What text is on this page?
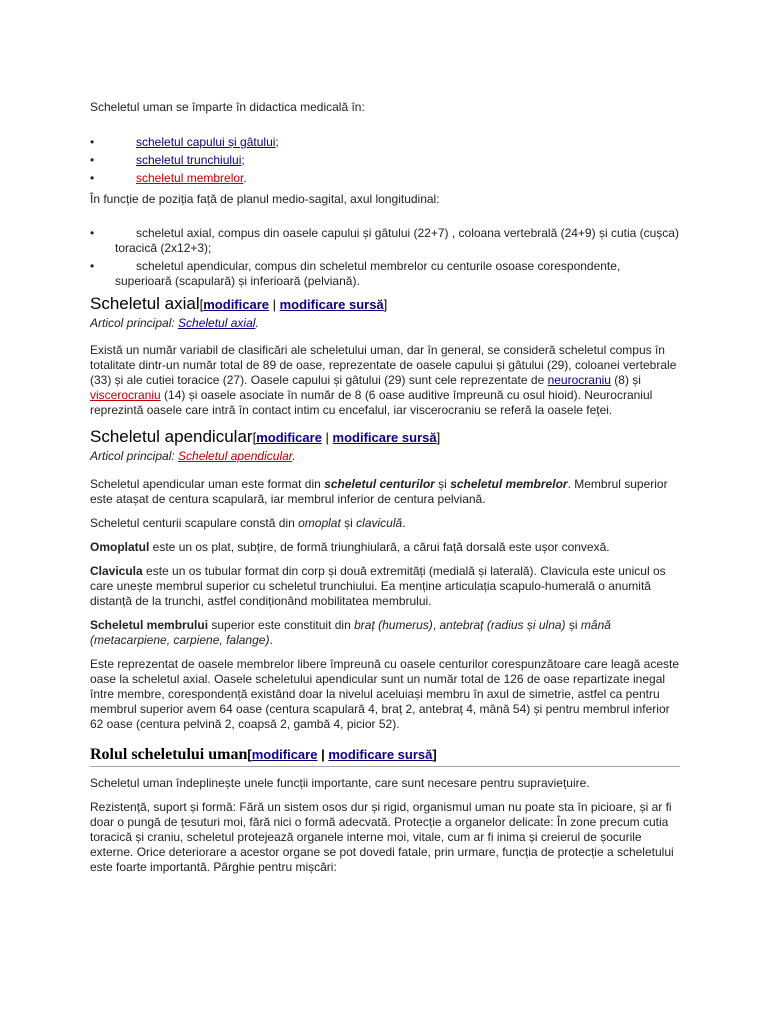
Scheletul uman se împarte în didactica medicală în:

•	scheletul capului și gâtului;
•	scheletul trunchiului;
•	scheletul membrelor.

În funcție de poziția față de planul medio-sagital, axul longitudinal:

•	scheletul axial, compus din oasele capului și gâtului (22+7) , coloana vertebrală (24+9) și cutia (cușca) toracică (2x12+3);
•	scheletul apendicular, compus din scheletul membrelor cu centurile osoase corespondente, superioară (scapulară) și inferioară (pelviană).
Scheletul axial[modificare | modificare sursă]

Articol principal: Scheletul axial.

Există un număr variabil de clasificări ale scheletului uman, dar în general, se consideră scheletul compus în totalitate dintr-un număr total de 89 de oase, reprezentate de oasele capului și gâtului (29), coloanei vertebrale (33) și ale cutiei toracice (27). Oasele capului și gâtului (29) sunt cele reprezentate de neurocraniu (8) și viscerocraniu (14) și oasele asociate în număr de 8 (6 oase auditive împreună cu osul hioid). Neurocraniul reprezintă oasele care intră în contact intim cu encefalul, iar viscerocraniu se referă la oasele feței.

Scheletul apendicular[modificare | modificare sursă]

Articol principal: Scheletul apendicular.

Scheletul apendicular uman este format din scheletul centurilor și scheletul membrelor. Membrul superior este atașat de centura scapulară, iar membrul inferior de centura pelviană.

Scheletul centurii scapulare constă din omoplat și claviculă.

Omoplatul este un os plat, subțire, de formă triunghiulară, a cărui față dorsală este ușor convexă.

Clavicula este un os tubular format din corp și două extremități (medială și laterală). Clavicula este unicul os care unește membrul superior cu scheletul trunchiului. Ea menține articulația scapulo-humerală o anumită distanță de la trunchi, astfel condiționând mobilitatea membrului.

Scheletul membrului superior este constituit din braț (humerus), antebraț (radius și ulna) și mână (metacarpiene, carpiene, falange).

Este reprezentat de oasele membrelor libere împreună cu oasele centurilor corespunzătoare care leagă aceste oase la scheletul axial. Oasele scheletului apendicular sunt un număr total de 126 de oase repartizate inegal între membre, corespondență existând doar la nivelul aceluiași membru în axul de simetrie, astfel ca pentru membrul superior avem 64 oase (centura scapulară 4, braț 2, antebraț 4, mână 54) și pentru membrul inferior 62 oase (centura pelvină 2, coapsă 2, gambă 4, picior 52).

Rolul scheletului uman[modificare | modificare sursă]

Scheletul uman îndeplinește unele funcții importante, care sunt necesare pentru supraviețuire.

Rezistență, suport și formă: Fără un sistem osos dur și rigid, organismul uman nu poate sta în picioare, și ar fi doar o pungă de țesuturi moi, fără nici o formă adecvată. Protecție a organelor delicate: În zone precum cutia toracică și craniu, scheletul protejează organele interne moi, vitale, cum ar fi inima și creierul de șocurile externe. Orice deteriorare a acestor organe se pot dovedi fatale, prin urmare, funcția de protecție a scheletului este foarte importantă. Pârghie pentru mișcări:
